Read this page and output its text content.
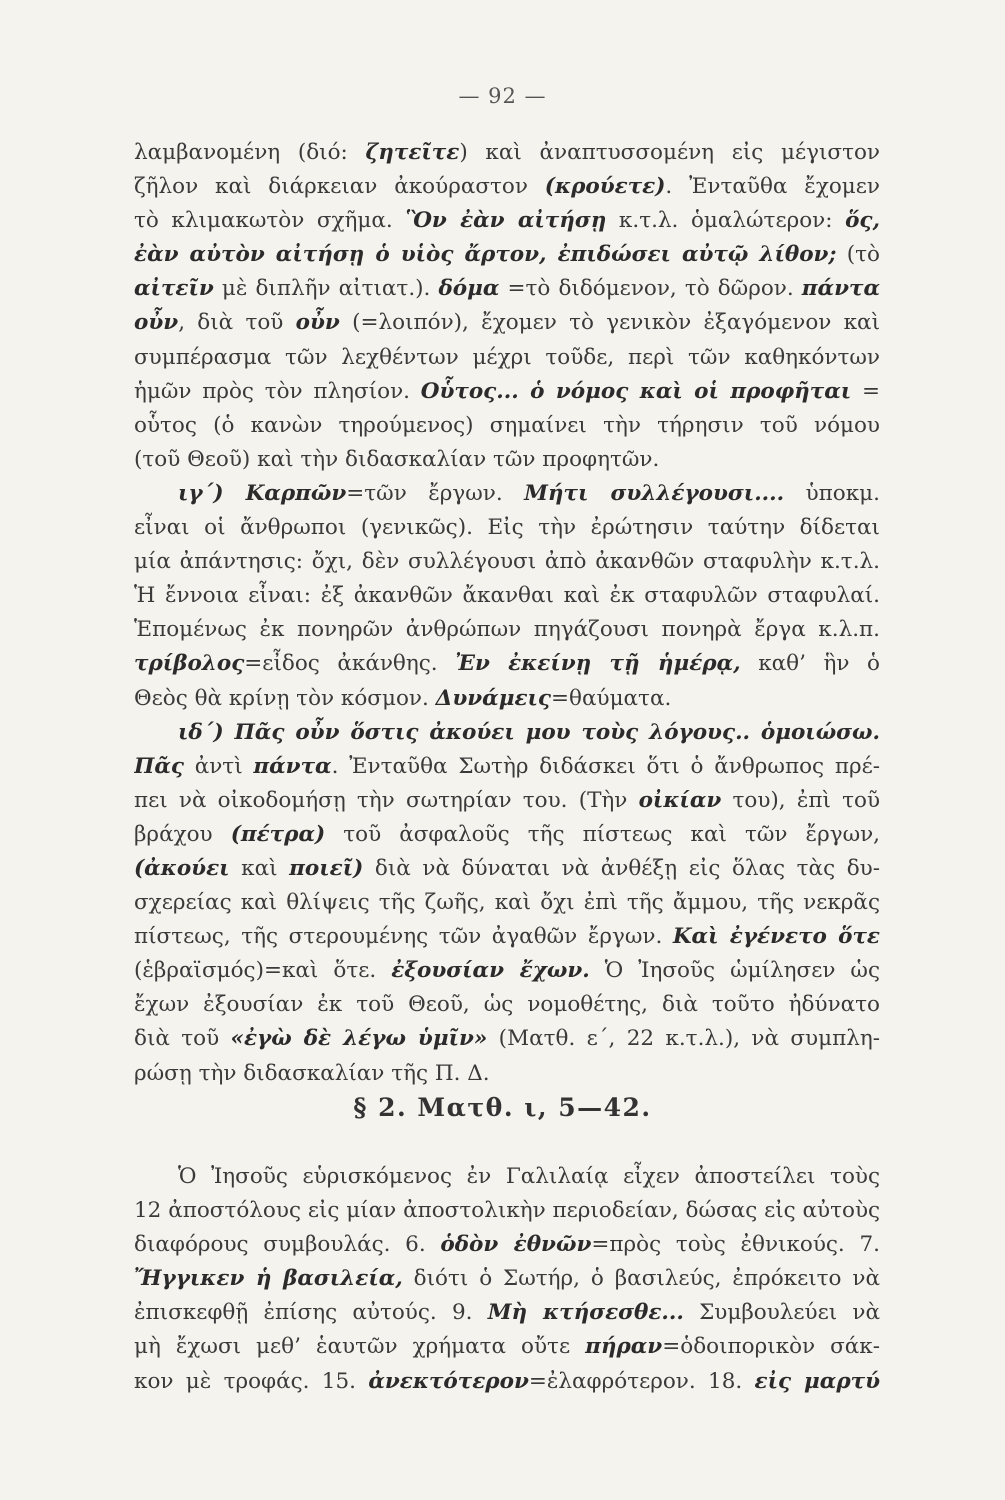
— 92 —
λαμβανομένη (διό: ζητεῖτε) καὶ ἀναπτυσσομένη εἰς μέγιστον
ζῆλον καὶ διάρκειαν ἀκούραστον (κρούετε). Ἐνταῦθα ἔχομεν
τὸ κλιμακωτὸν σχῆμα. Ὃν ἐὰν αἰτήσῃ κ.τ.λ. ὁμαλώτερον: ὅς,
ἐὰν αὐτὸν αἰτήσῃ ὁ υἱὸς ἄρτον, ἐπιδώσει αὐτῷ λίθον; (τὸ
αἰτεῖν μὲ διπλῆν αἰτιατ.). δόμα =τὸ διδόμενον, τὸ δῶρον. πάντα
οὖν, διὰ τοῦ οὖν (=λοιπόν), ἔχομεν τὸ γενικὸν ἐξαγόμενον καὶ
συμπέρασμα τῶν λεχθέντων μέχρι τοῦδε, περὶ τῶν καθηκόντων
ἡμῶν πρὸς τὸν πλησίον. Οὗτος... ὁ νόμος καὶ οἱ προφῆται =
οὗτος (ὁ κανὼν τηρούμενος) σημαίνει τὴν τήρησιν τοῦ νόμου
(τοῦ Θεοῦ) καὶ τὴν διδασκαλίαν τῶν προφητῶν.
ιγ΄) Καρπῶν=τῶν ἔργων. Μήτι συλλέγουσι.... ὑποκμ.
εἶναι οἱ ἄνθρωποι (γενικῶς). Εἰς τὴν ἐρώτησιν ταύτην δίδεται
μία ἀπάντησις: ὄχι, δὲν συλλέγουσι ἀπὸ ἀκανθῶν σταφυλὴν κ.τ.λ.
Ἡ ἔννοια εἶναι: ἐξ ἀκανθῶν ἄκανθαι καὶ ἐκ σταφυλῶν σταφυλαί.
Ἑπομένως ἐκ πονηρῶν ἀνθρώπων πηγάζουσι πονηρὰ ἔργα κ.λ.π.
τρίβολος=εἶδος ἀκάνθης. Ἐν ἐκείνῃ τῇ ἡμέρᾳ, καθ’ ἣν ὁ
Θεὸς θὰ κρίνῃ τὸν κόσμον. Δυνάμεις=θαύματα.
ιδ΄) Πᾶς οὖν ὅστις ἀκούει μου τοὺς λόγους.. ὁμοιώσω.
Πᾶς ἀντὶ πάντα. Ἐνταῦθα Σωτὴρ διδάσκει ὅτι ὁ ἄνθρωπος πρέ-
πει νὰ οἰκοδομήσῃ τὴν σωτηρίαν του. (Τὴν οἰκίαν του), ἐπὶ τοῦ
βράχου (πέτρα) τοῦ ἀσφαλοῦς τῆς πίστεως καὶ τῶν ἔργων,
(ἀκούει καὶ ποιεῖ) διὰ νὰ δύναται νὰ ἀνθέξῃ εἰς ὅλας τὰς δυ-
σχερείας καὶ θλίψεις τῆς ζωῆς, καὶ ὄχι ἐπὶ τῆς ἄμμου, τῆς νεκρᾶς
πίστεως, τῆς στερουμένης τῶν ἀγαθῶν ἔργων. Καὶ ἐγένετο ὅτε
(ἑβραϊσμός)=καὶ ὅτε. ἐξουσίαν ἔχων. Ὁ Ἰησοῦς ὡμίλησεν ὡς
ἔχων ἐξουσίαν ἐκ τοῦ Θεοῦ, ὡς νομοθέτης, διὰ τοῦτο ἠδύνατο
διὰ τοῦ «ἐγὼ δὲ λέγω ὑμῖν» (Ματθ. ε΄, 22 κ.τ.λ.), νὰ συμπλη-
ρώσῃ τὴν διδασκαλίαν τῆς Π. Δ.
§ 2. Ματθ. ι, 5—42.
Ὁ Ἰησοῦς εὑρισκόμενος ἐν Γαλιλαίᾳ εἶχεν ἀποστείλει τοὺς
12 ἀποστόλους εἰς μίαν ἀποστολικὴν περιοδείαν, δώσας εἰς αὐτοὺς
διαφόρους συμβουλάς. 6. ὁδὸν ἐθνῶν=πρὸς τοὺς ἐθνικούς. 7.
Ἤγγικεν ἡ βασιλεία, διότι ὁ Σωτήρ, ὁ βασιλεύς, ἐπρόκειτο νὰ
ἐπισκεφθῇ ἐπίσης αὐτούς. 9. Μὴ κτήσεσθε... Συμβουλεύει νὰ
μὴ ἔχωσι μεθ’ ἑαυτῶν χρήματα οὔτε πήραν=ὁδοιπορικὸν σάκ-
κον μὲ τροφάς. 15. ἀνεκτότερον=ἐλαφρότερον. 18. εἰς μαρτύ
